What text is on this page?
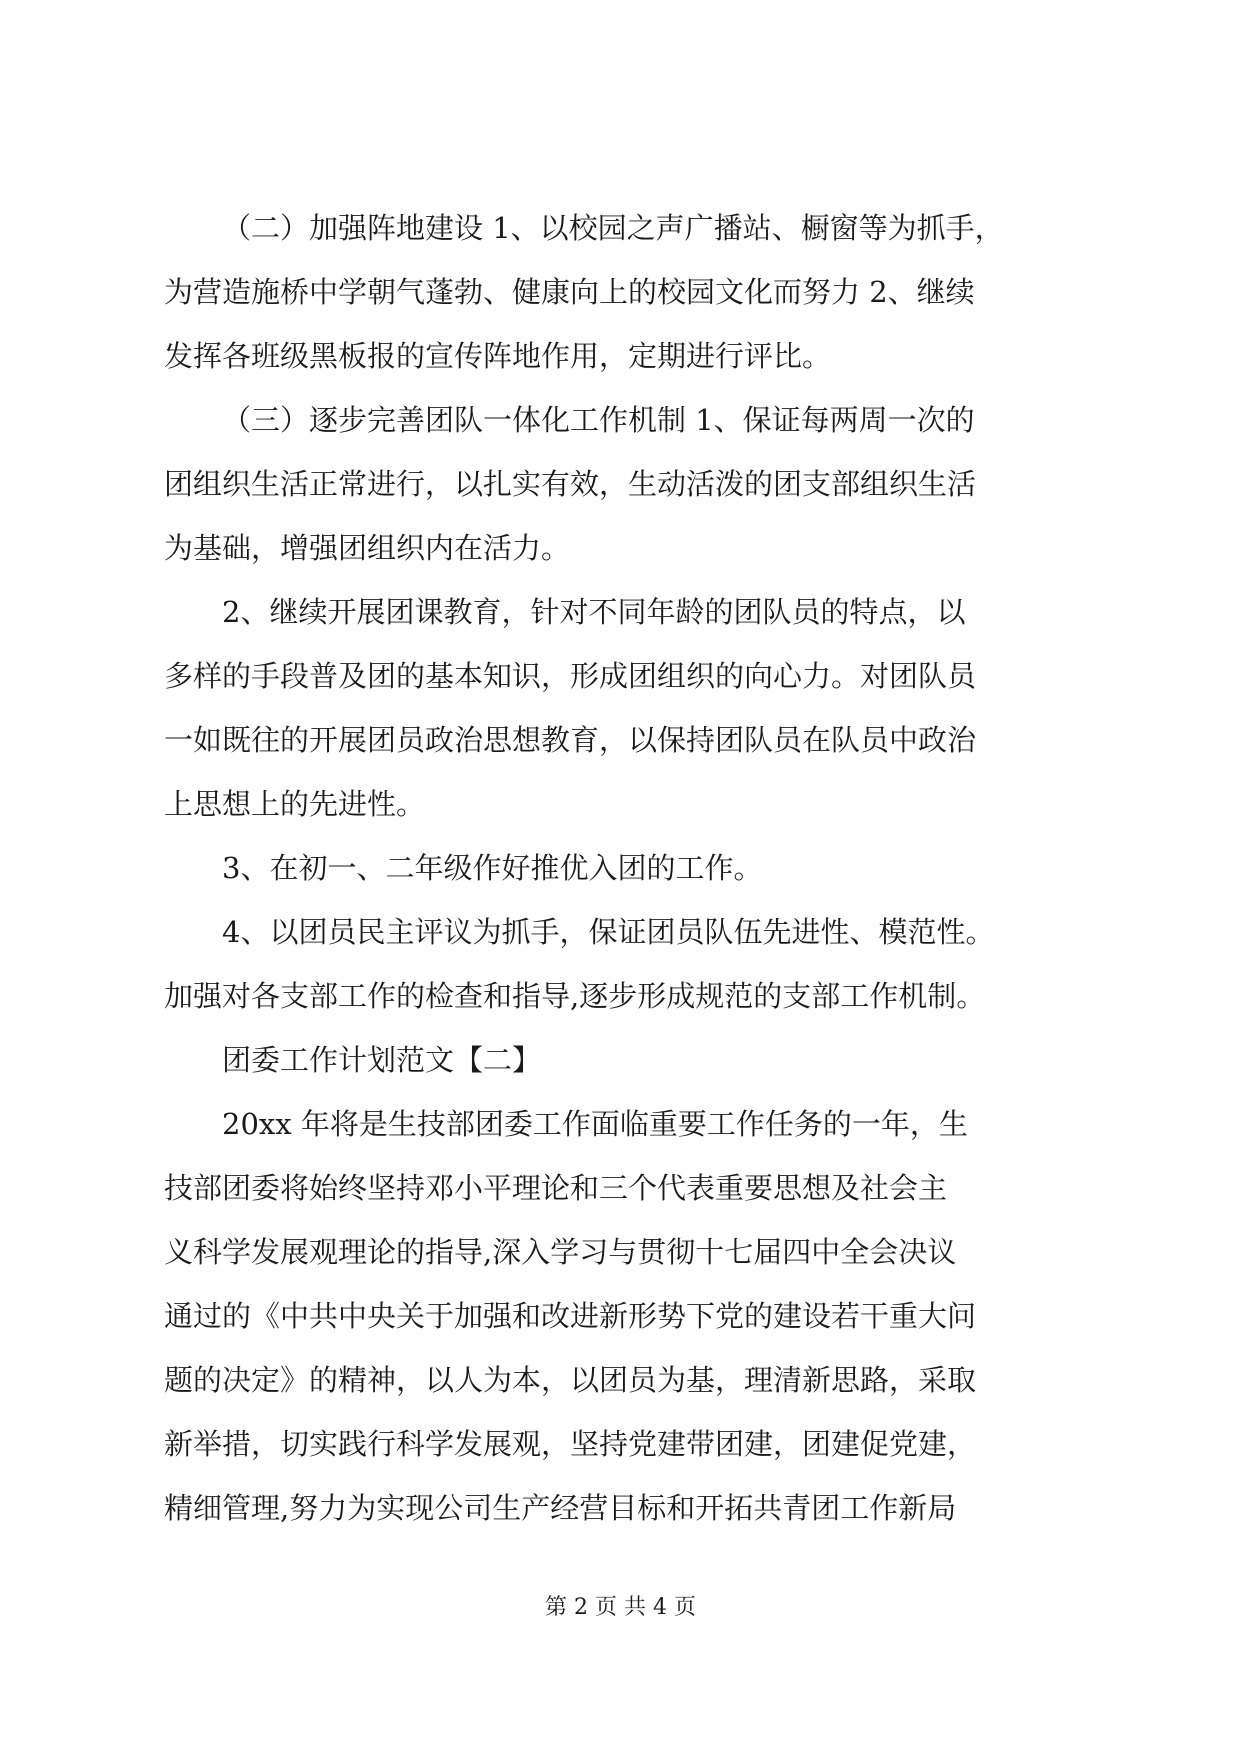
（二）加强阵地建设 1、以校园之声广播站、橱窗等为抓手，
为营造施桥中学朝气蓬勃、健康向上的校园文化而努力 2、继续
发挥各班级黑板报的宣传阵地作用，定期进行评比。
（三）逐步完善团队一体化工作机制 1、保证每两周一次的
团组织生活正常进行，以扎实有效，生动活泼的团支部组织生活
为基础，增强团组织内在活力。
2、继续开展团课教育，针对不同年龄的团队员的特点，以
多样的手段普及团的基本知识，形成团组织的向心力。对团队员
一如既往的开展团员政治思想教育，以保持团队员在队员中政治
上思想上的先进性。
3、在初一、二年级作好推优入团的工作。
4、以团员民主评议为抓手，保证团员队伍先进性、模范性。
加强对各支部工作的检查和指导,逐步形成规范的支部工作机制。
团委工作计划范文【二】
20xx 年将是生技部团委工作面临重要工作任务的一年，生
技部团委将始终坚持邓小平理论和三个代表重要思想及社会主
义科学发展观理论的指导,深入学习与贯彻十七届四中全会决议
通过的《中共中央关于加强和改进新形势下党的建设若干重大问
题的决定》的精神，以人为本，以团员为基，理清新思路，采取
新举措，切实践行科学发展观，坚持党建带团建，团建促党建，
精细管理,努力为实现公司生产经营目标和开拓共青团工作新局
第 2 页 共 4 页
